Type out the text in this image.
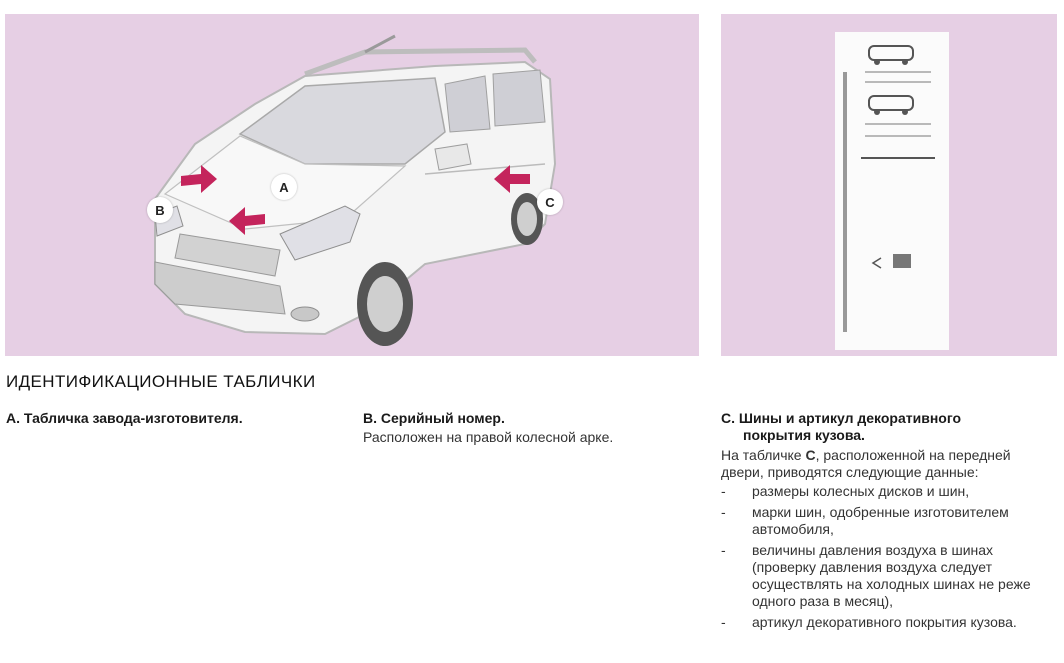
A
B
C
ИДЕНТИФИКАЦИОННЫЕ ТАБЛИЧКИ
A. Табличка завода-изготовителя.	B. Серийный номер.

Расположен на правой колесной арке.

C. Шины и артикул декоративного
покрытия кузова.

На табличке C, расположенной на передней двери, приводятся следующие данные:

- размеры колесных дисков и шин,
- марки шин, одобренные изготовителем автомобиля,
- величины давления воздуха в шинах (проверку давления воздуха следует осуществлять на холодных шинах не реже одного раза в месяц),
- артикул декоративного покрытия кузова.
